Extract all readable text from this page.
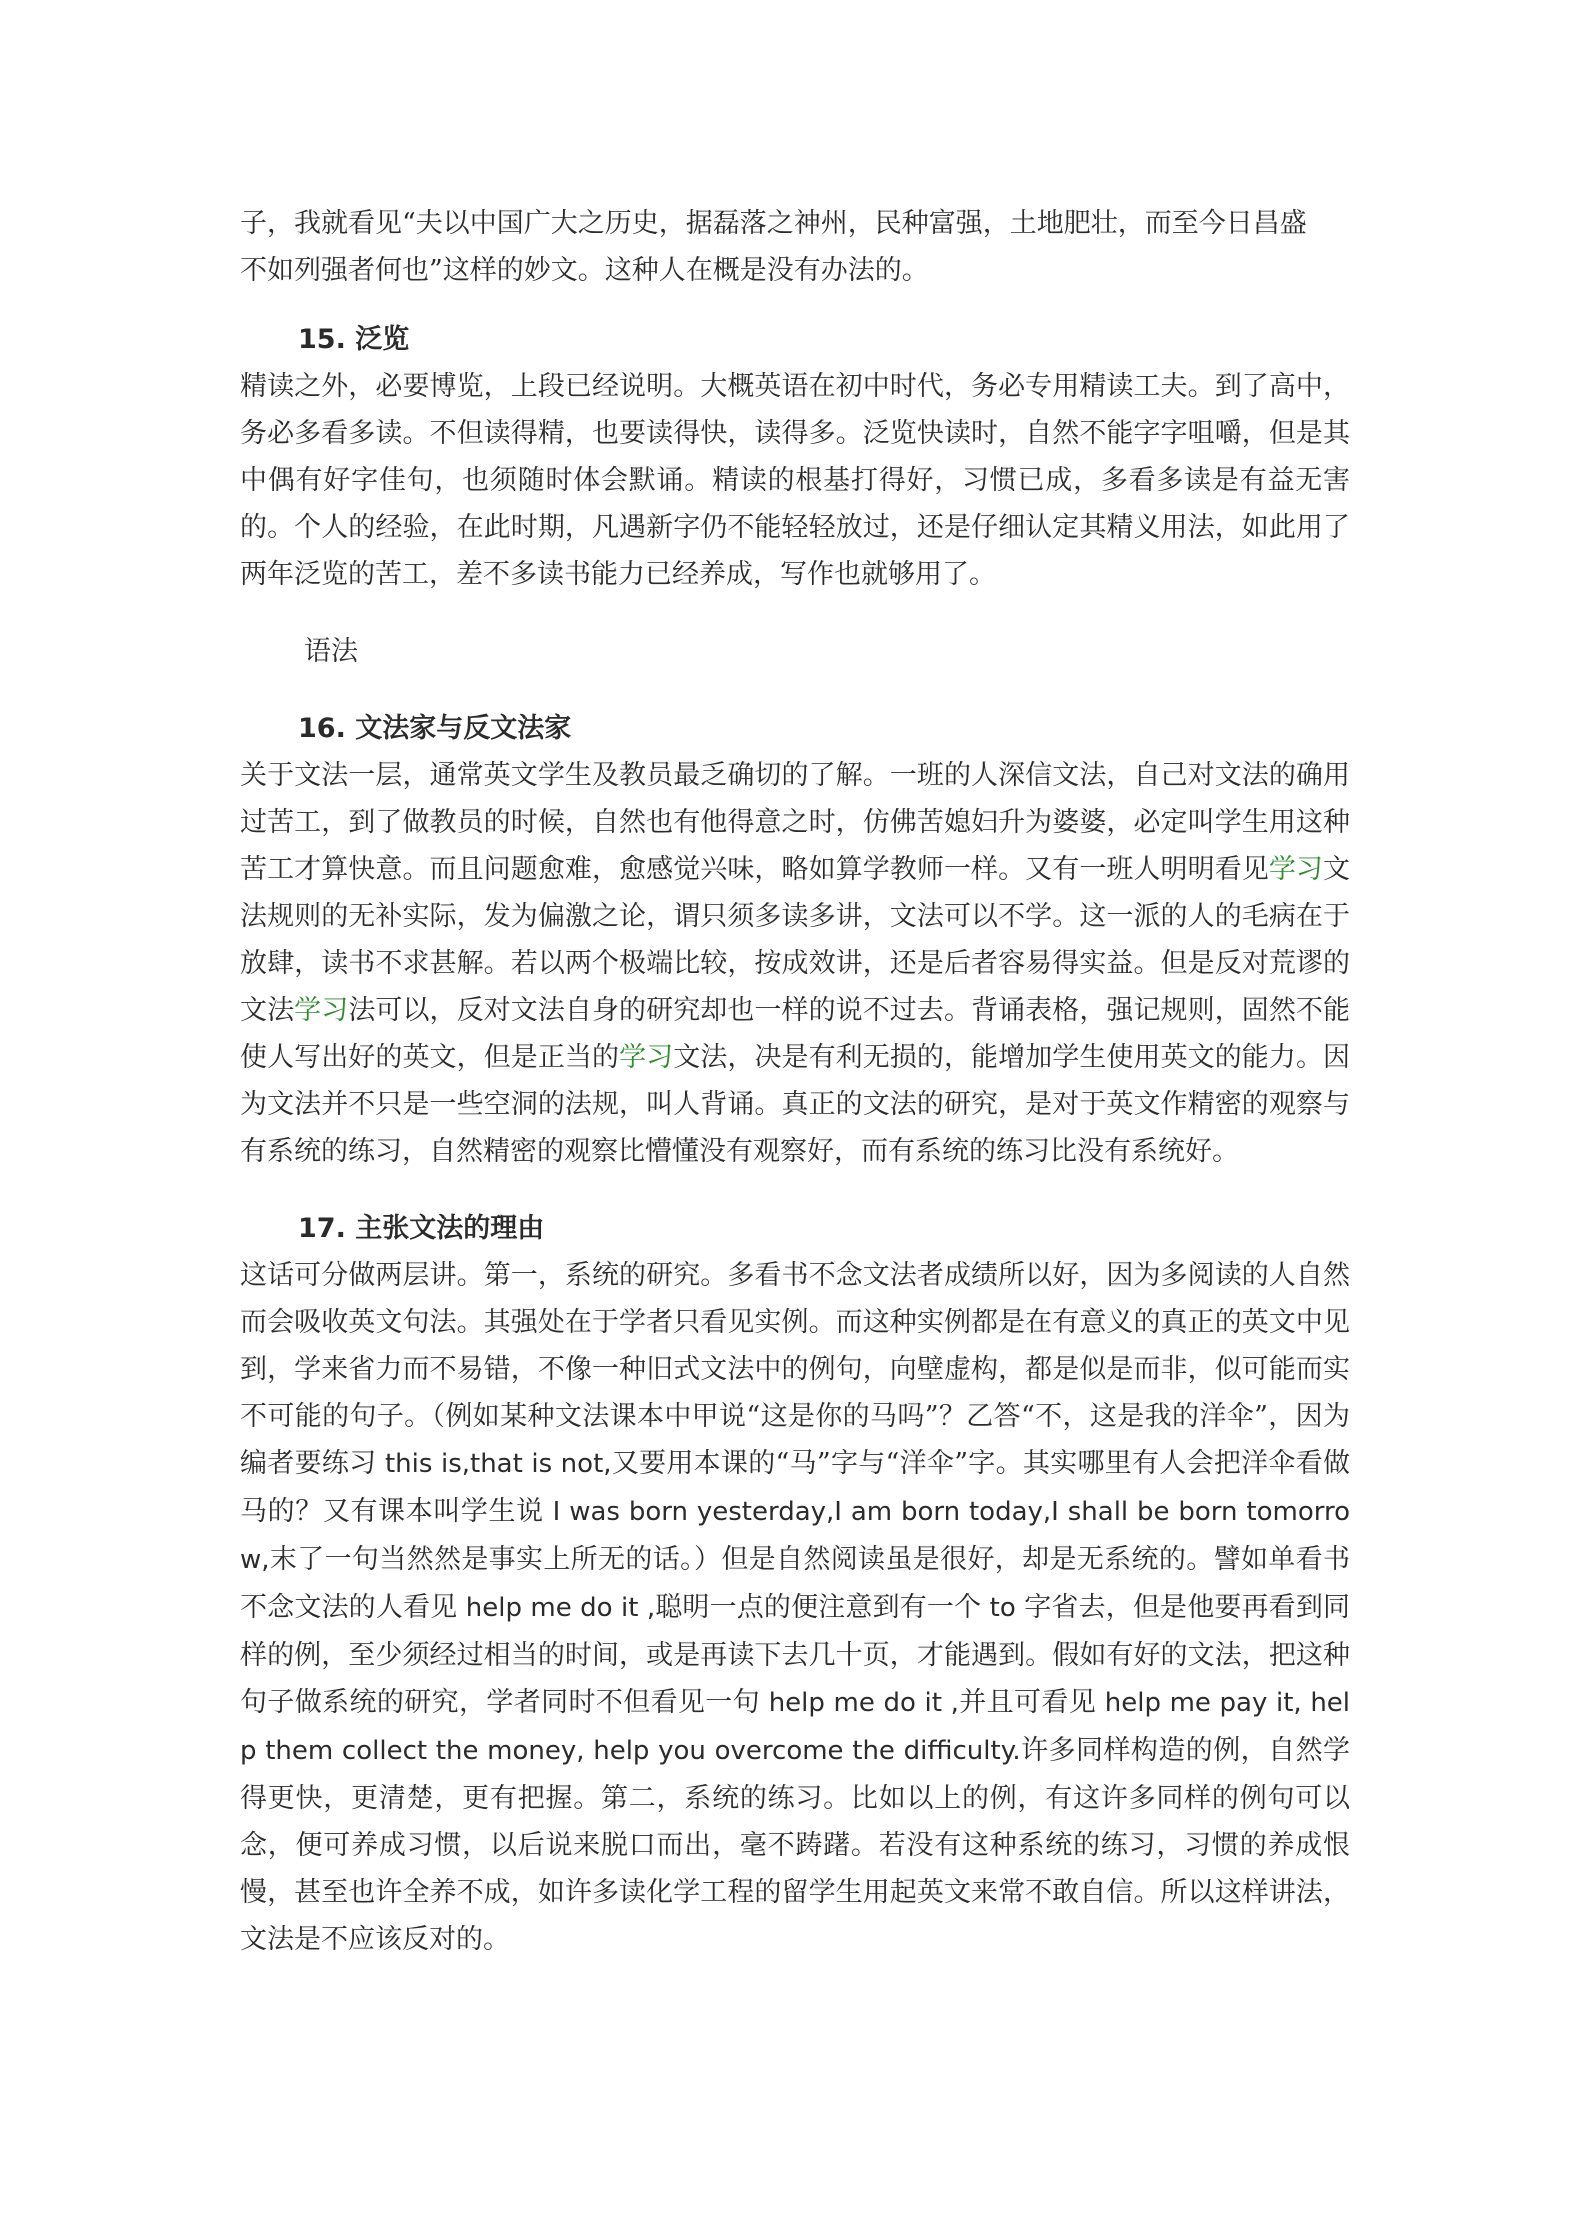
子，我就看见“夫以中国广大之历史，据磊落之神州，民种富强，土地肥壮，而至今日昌盛
不如列强者何也”这样的妙文。这种人在概是没有办法的。

15. 泛览

精读之外，必要博览，上段已经说明。大概英语在初中时代，务必专用精读工夫。到了高中，务必多看多读。不但读得精，也要读得快，读得多。泛览快读时，自然不能字字咀嚼，但是其中偶有好字佳句，也须随时体会默诵。精读的根基打得好，习惯已成，多看多读是有益无害的。个人的经验，在此时期，凡遇新字仍不能轻轻放过，还是仔细认定其精义用法，如此用了两年泛览的苦工，差不多读书能力已经养成，写作也就够用了。

语法

16. 文法家与反文法家

关于文法一层，通常英文学生及教员最乏确切的了解。一班的人深信文法，自己对文法的确用过苦工，到了做教员的时候，自然也有他得意之时，仿佛苦媳妇升为婆婆，必定叫学生用这种苦工才算快意。而且问题愈难，愈感觉兴味，略如算学教师一样。又有一班人明明看见学习文法规则的无补实际，发为偏激之论，谓只须多读多讲，文法可以不学。这一派的人的毛病在于放肆，读书不求甚解。若以两个极端比较，按成效讲，还是后者容易得实益。但是反对荒谬的文法学习法可以，反对文法自身的研究却也一样的说不过去。背诵表格，强记规则，固然不能使人写出好的英文，但是正当的学习文法，决是有利无损的，能增加学生使用英文的能力。因为文法并不只是一些空洞的法规，叫人背诵。真正的文法的研究，是对于英文作精密的观察与有系统的练习，自然精密的观察比懵懂没有观察好，而有系统的练习比没有系统好。

17. 主张文法的理由

这话可分做两层讲。第一，系统的研究。多看书不念文法者成绩所以好，因为多阅读的人自然而会吸收英文句法。其强处在于学者只看见实例。而这种实例都是在有意义的真正的英文中见到，学来省力而不易错，不像一种旧式文法中的例句，向壁虚构，都是似是而非，似可能而实不可能的句子。（例如某种文法课本中甲说“这是你的马吗”？乙答“不，这是我的洋伞”，因为编者要练习 this is,that is not,又要用本课的“马”字与“洋伞”字。其实哪里有人会把洋伞看做马的？又有课本叫学生说 I was born yesterday,I am born today,I shall be born tomorrow,末了一句当然然是事实上所无的话。）但是自然阅读虽是很好，却是无系统的。譬如单看书不念文法的人看见 help me do it ,聪明一点的便注意到有一个 to 字省去，但是他要再看到同样的例，至少须经过相当的时间，或是再读下去几十页，才能遇到。假如有好的文法，把这种句子做系统的研究，学者同时不但看见一句 help me do it ,并且可看见 help me pay it, help them collect the money, help you overcome the difficulty.许多同样构造的例，自然学得更快，更清楚，更有把握。第二，系统的练习。比如以上的例，有这许多同样的例句可以念，便可养成习惯，以后说来脱口而出，毫不踌躇。若没有这种系统的练习，习惯的养成恨慢，甚至也许全养不成，如许多读化学工程的留学生用起英文来常不敢自信。所以这样讲法，文法是不应该反对的。
